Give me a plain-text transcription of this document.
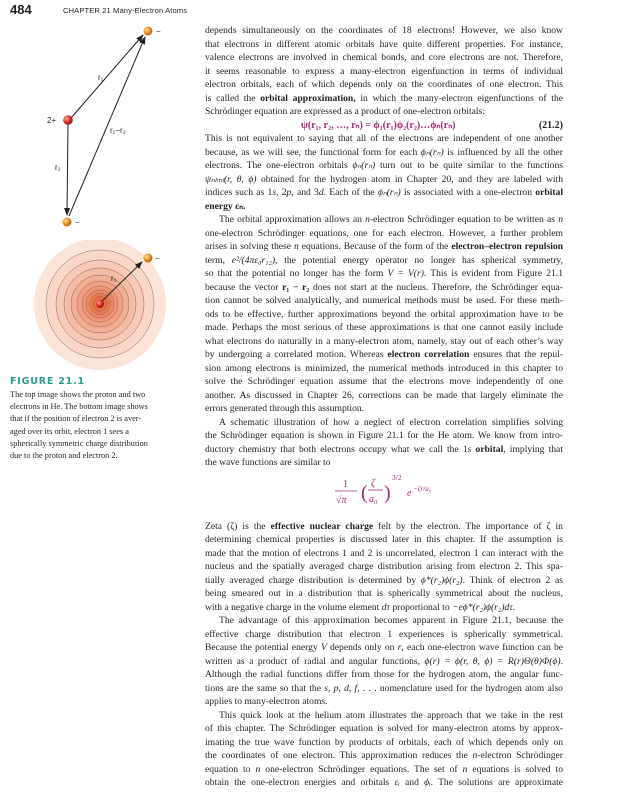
484	CHAPTER 21 Many-Electron Atoms
−
2+
−
r₁
r₂
r₁−r₂
−
r₁
FIGURE 21.1
The top image shows the proton and two
electrons in He. The bottom image shows
that if the position of electron 2 is aver-
aged over its orbit, electron 1 sees a
spherically symmetric charge distribution
due to the proton and electron 2.
depends simultaneously on the coordinates of 18 electrons! However, we also know
that electrons in different atomic orbitals have quite different properties. For instance,
valence electrons are involved in chemical bonds, and core electrons are not. Therefore,
it seems reasonable to express a many-electron eigenfunction in terms of individual
electron orbitals, each of which depends only on the coordinates of one electron. This
is called the orbital approximation, in which the many-electron eigenfunctions of the
Schrödinger equation are expressed as a product of one-electron orbitals:
ψ(r₁, r₂, …, rₙ) = ϕ₁(r₁)ϕ₂(r₂)…ϕₙ(rₙ)	(21.2)
This is not equivalent to saying that all of the electrons are independent of one another
because, as we will see, the functional form for each ϕₙ(rₙ) is influenced by all the other
electrons. The one-electron orbitals ϕₙ(rₙ) turn out to be quite similar to the functions
ψₙₗₘₗ(r, θ, ϕ) obtained for the hydrogen atom in Chapter 20, and they are labeled with
indices such as 1s, 2p, and 3d. Each of the ϕₙ(rₙ) is associated with a one-electron orbital
energy εₙ.
The orbital approximation allows an n-electron Schrödinger equation to be written as n
one-electron Schrödinger equations, one for each electron. However, a further problem
arises in solving these n equations. Because of the form of the electron–electron repulsion
term, e²/(4πε₀r₁₂), the potential energy operator no longer has spherical symmetry,
so that the potential no longer has the form V = V(r). This is evident from Figure 21.1
because the vector r₁ − r₂ does not start at the nucleus. Therefore, the Schrödinger equa-
tion cannot be solved analytically, and numerical methods must be used. For these meth-
ods to be effective, further approximations beyond the orbital approximation have to be
made. Perhaps the most serious of these approximations is that one cannot easily include
what electrons do naturally in a many-electron atom, namely, stay out of each other’s way
by undergoing a correlated motion. Whereas electron correlation ensures that the repul-
sion among electrons is minimized, the numerical methods introduced in this chapter to
solve the Schrödinger equation assume that the electrons move independently of one
another. As discussed in Chapter 26, corrections can be made that largely eliminate the
errors generated through this assumption.
A schematic illustration of how a neglect of electron correlation simplifies solving
the Schrödinger equation is shown in Figure 21.1 for the He atom. We know from intro-
ductory chemistry that both electrons occupy what we call the 1s orbital, implying that
the wave functions are similar to
1
√π ( ζ
a₀ )
3/2
e −ζr/a₀
Zeta (ζ) is the effective nuclear charge felt by the electron. The importance of ζ in
determining chemical properties is discussed later in this chapter. If the assumption is
made that the motion of electrons 1 and 2 is uncorrelated, electron 1 can interact with the
nucleus and the spatially averaged charge distribution arising from electron 2. This spa-
tially averaged charge distribution is determined by ϕ*(r₂)ϕ(r₂). Think of electron 2 as
being smeared out in a distribution that is spherically symmetrical about the nucleus,
with a negative charge in the volume element dτ proportional to −eϕ*(r₂)ϕ(r₂)dτ.
The advantage of this approximation becomes apparent in Figure 21.1, because the
effective charge distribution that electron 1 experiences is spherically symmetrical.
Because the potential energy V depends only on r, each one-electron wave function can be
written as a product of radial and angular functions, ϕ(r) = ϕ(r, θ, ϕ) = R(r)Θ(θ)Φ(ϕ).
Although the radial functions differ from those for the hydrogen atom, the angular func-
tions are the same so that the s, p, d, f, . . . nomenclature used for the hydrogen atom also
applies to many-electron atoms.
This quick look at the helium atom illustrates the approach that we take in the rest
of this chapter. The Schrödinger equation is solved for many-electron atoms by approx-
imating the true wave function by products of orbitals, each of which depends only on
the coordinates of one electron. This approximation reduces the n-electron Schrödinger
equation to n one-electron Schrödinger equations. The set of n equations is solved to
obtain the one-electron energies and orbitals εᵢ and ϕᵢ. The solutions are approximate
